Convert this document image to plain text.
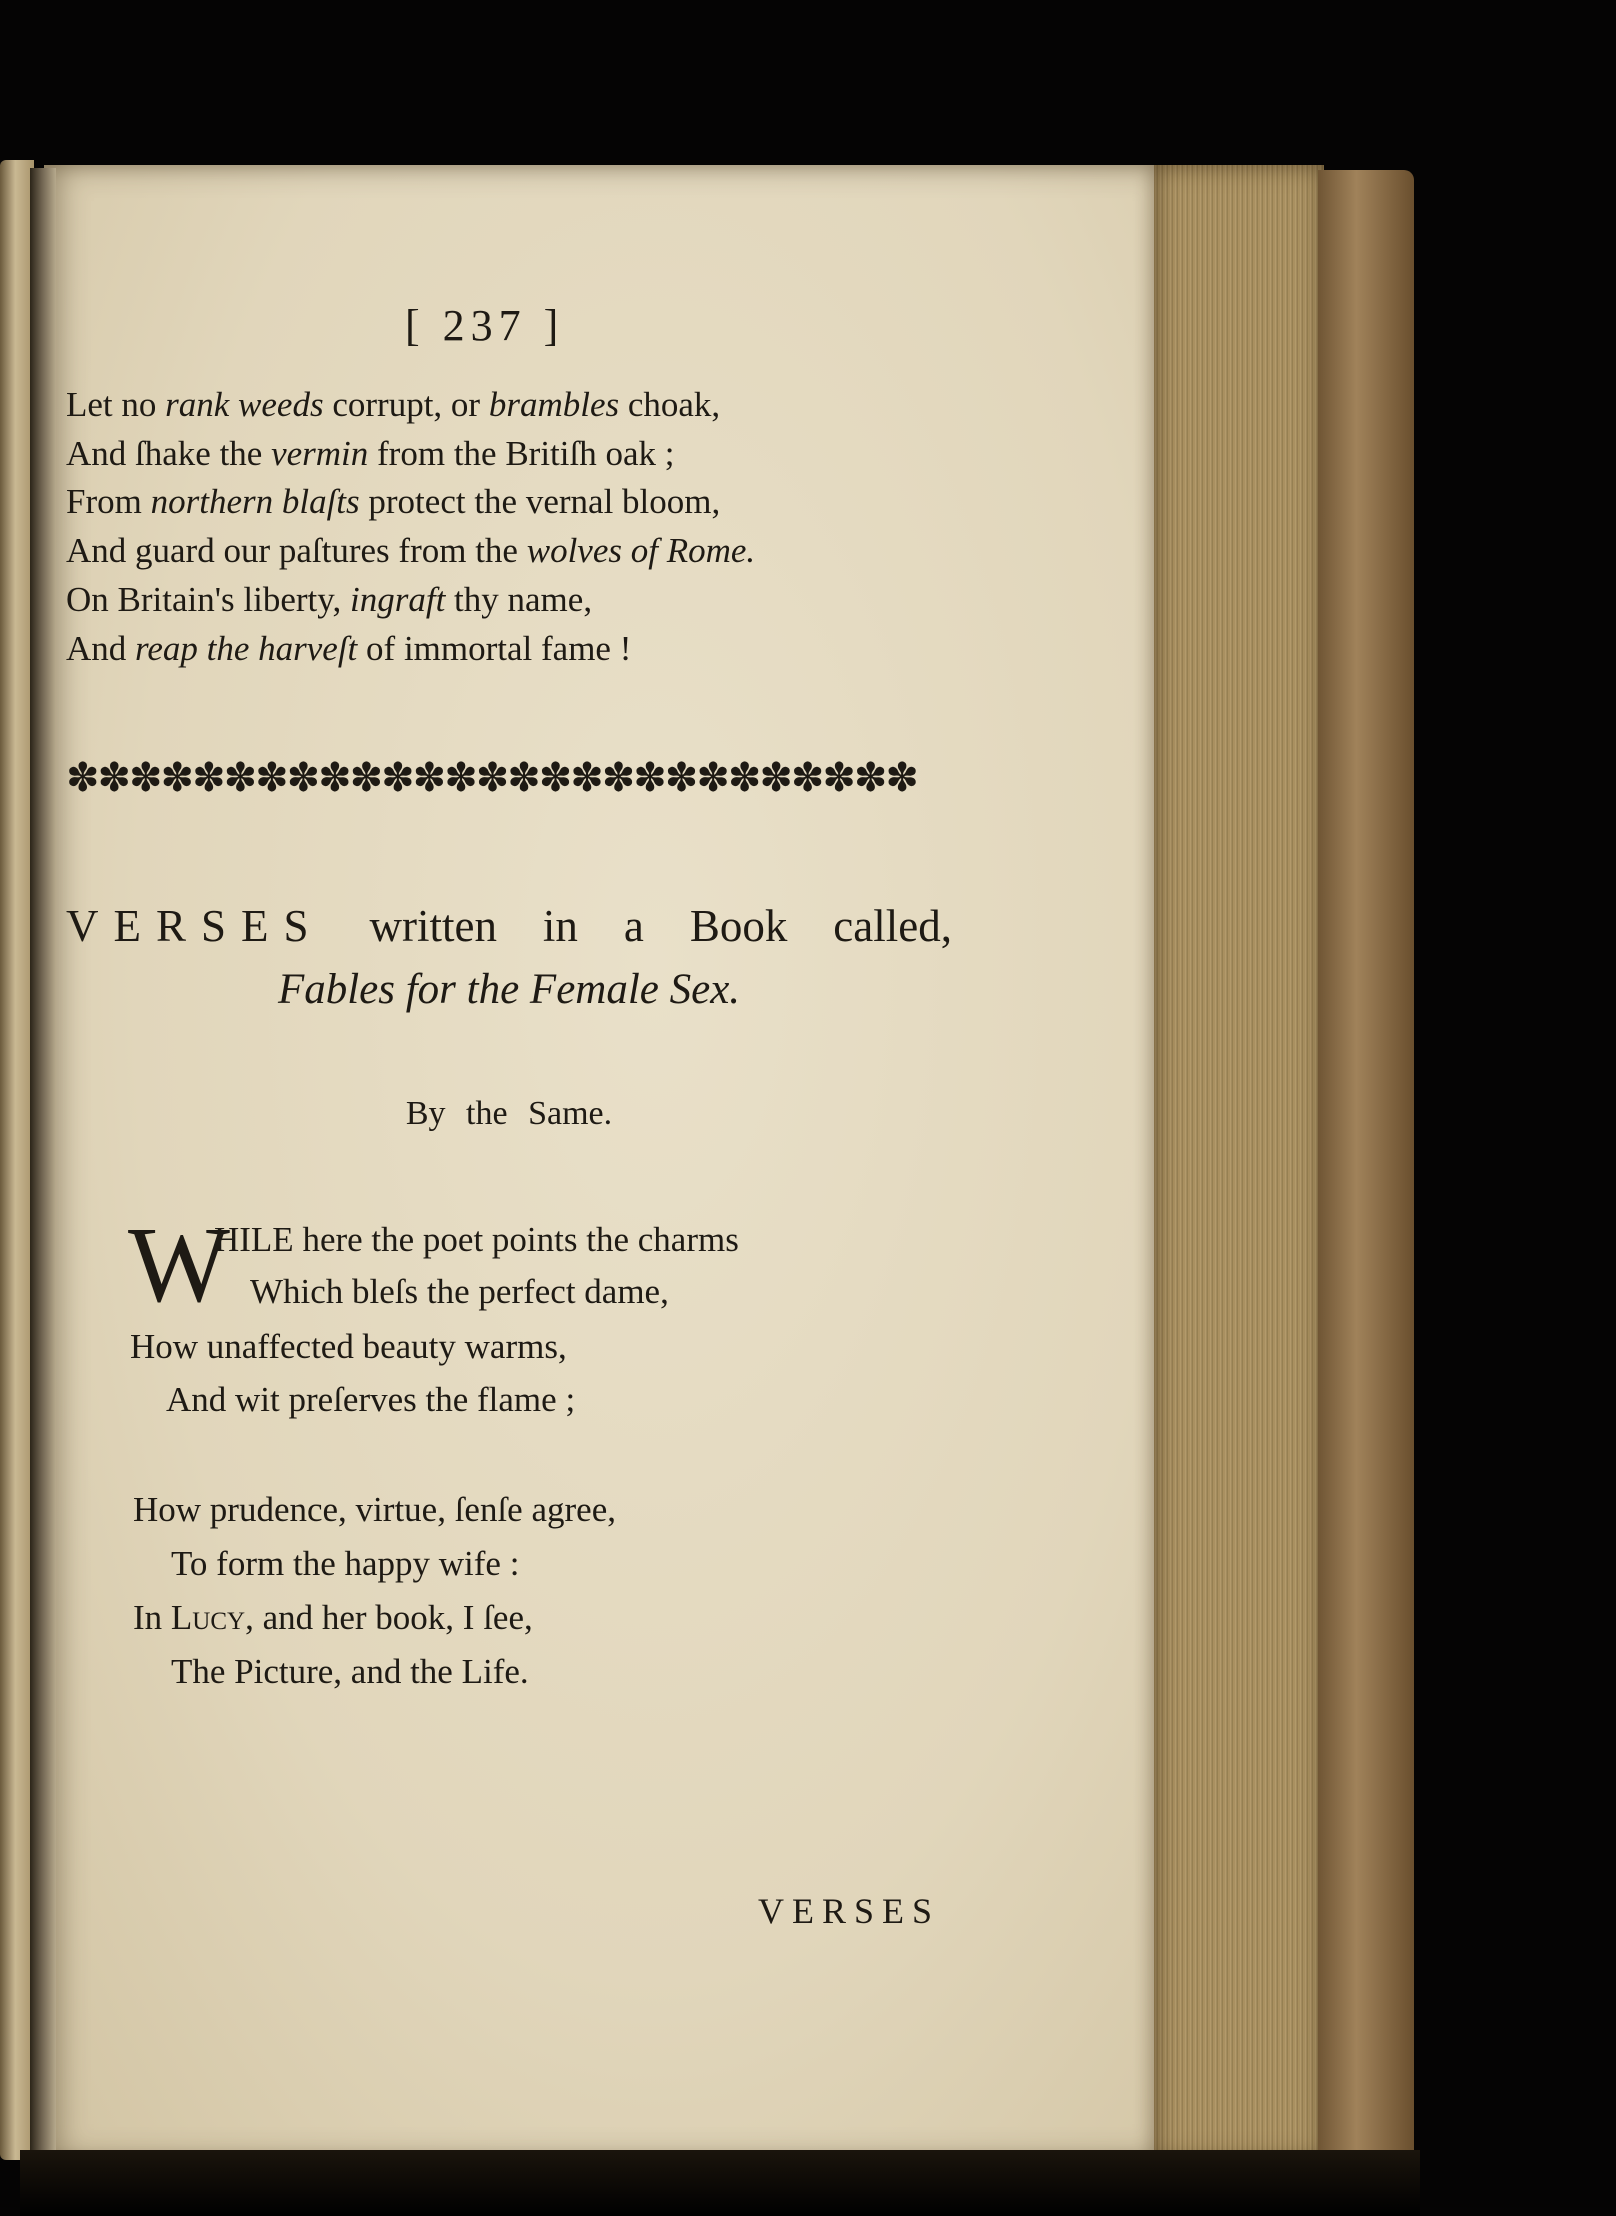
[ 237 ]
Let no rank weeds corrupt, or brambles choak,
And ſhake the vermin from the Britiſh oak ;
From northern blaſts protect the vernal bloom,
And guard our paſtures from the wolves of Rome.
On Britain's liberty, ingraft thy name,
And reap the harveſt of immortal fame !
✽✽✽✽✽✽✽✽✽✽✽✽✽✽✽✽✽✽✽✽✽✽✽✽✽✽✽
VERSES written in a Book called,
Fables for the Female Sex.
By the Same.
W
HILE here the poet points the charms
Which bleſs the perfect dame,
How unaffected beauty warms,
And wit preſerves the flame ;
How prudence, virtue, ſenſe agree,
To form the happy wife :
In Lucy, and her book, I ſee,
The Picture, and the Life.
VERSES
